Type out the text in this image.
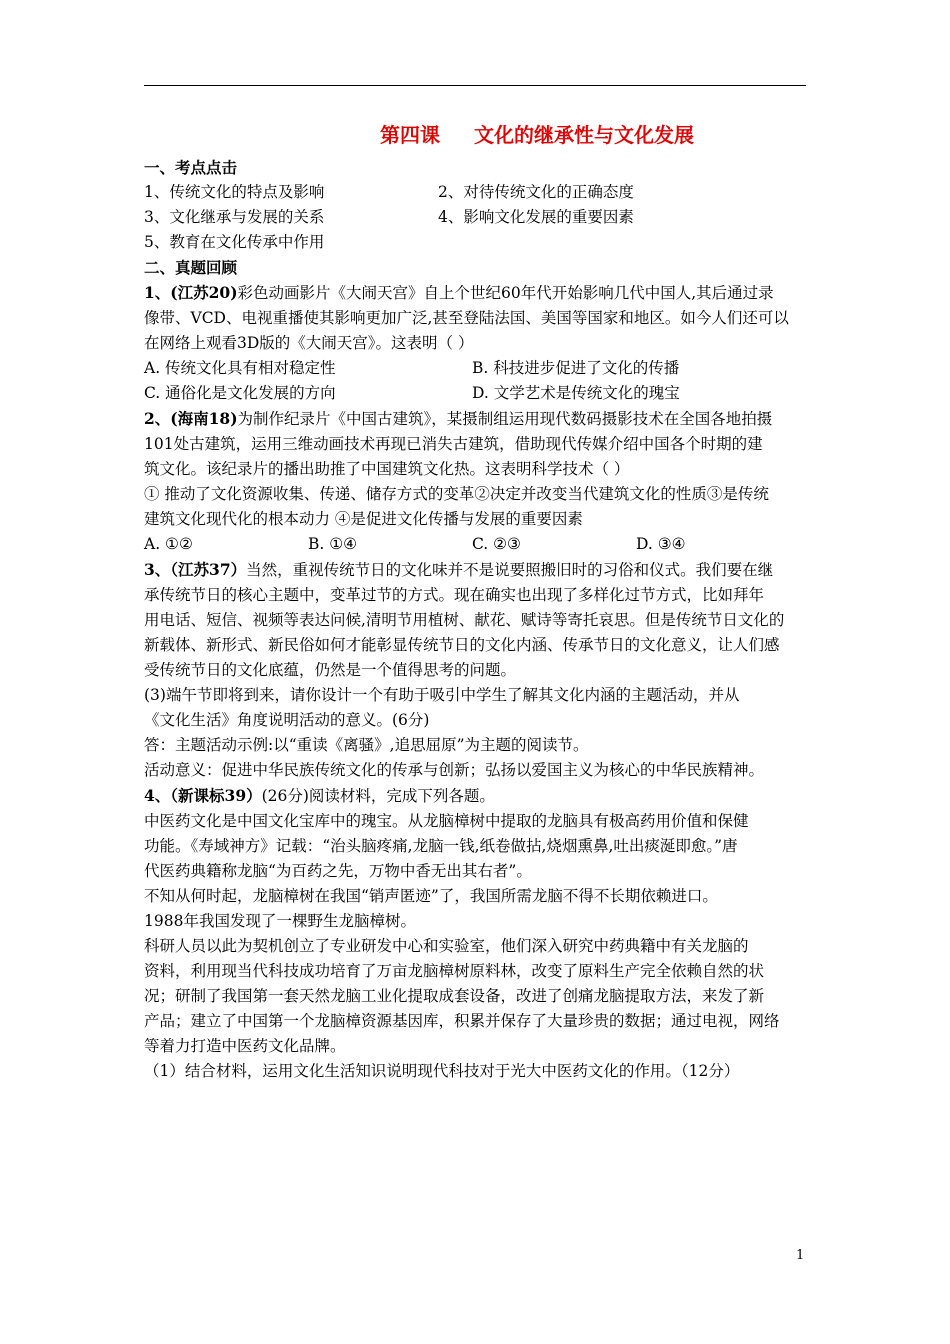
第四课 文化的继承性与文化发展
一、考点点击
1、传统文化的特点及影响	2、对待传统文化的正确态度
3、文化继承与发展的关系	4、影响文化发展的重要因素
5、教育在文化传承中作用
二、真题回顾
1、(江苏20)彩色动画影片《大闹天宫》自上个世纪60年代开始影响几代中国人,其后通过录
像带、VCD、电视重播使其影响更加广泛,甚至登陆法国、美国等国家和地区。如今人们还可以
在网络上观看3D版的《大闹天宫》。这表明（ ）
A. 传统文化具有相对稳定性	B. 科技进步促进了文化的传播
C. 通俗化是文化发展的方向	D. 文学艺术是传统文化的瑰宝
2、(海南18)为制作纪录片《中国古建筑》，某摄制组运用现代数码摄影技术在全国各地拍摄
101处古建筑，运用三维动画技术再现已消失古建筑，借助现代传媒介绍中国各个时期的建
筑文化。该纪录片的播出助推了中国建筑文化热。这表明科学技术（ ）
① 推动了文化资源收集、传递、储存方式的变革②决定并改变当代建筑文化的性质③是传统
建筑文化现代化的根本动力 ④是促进文化传播与发展的重要因素
A. ①②	B. ①④	C. ②③	D. ③④
3、（江苏37）当然，重视传统节日的文化味并不是说要照搬旧时的习俗和仪式。我们要在继
承传统节日的核心主题中，变革过节的方式。现在确实也出现了多样化过节方式，比如拜年
用电话、短信、视频等表达问候,清明节用植树、献花、赋诗等寄托哀思。但是传统节日文化的
新载体、新形式、新民俗如何才能彰显传统节日的文化内涵、传承节日的文化意义，让人们感
受传统节日的文化底蕴，仍然是一个值得思考的问题。
(3)端午节即将到来，请你设计一个有助于吸引中学生了解其文化内涵的主题活动，并从
《文化生活》角度说明活动的意义。(6分)
答：主题活动示例:以“重读《离骚》,追思屈原”为主题的阅读节。
活动意义：促进中华民族传统文化的传承与创新；弘扬以爱国主义为核心的中华民族精神。
4、（新课标39）(26分)阅读材料，完成下列各题。
中医药文化是中国文化宝库中的瑰宝。从龙脑樟树中提取的龙脑具有极高药用价值和保健
功能。《寿域神方》记载：“治头脑疼痛,龙脑一钱,纸卷做拈,烧烟熏鼻,吐出痰涎即愈。”唐
代医药典籍称龙脑“为百药之先，万物中香无出其右者”。
不知从何时起，龙脑樟树在我国“销声匿迹”了，我国所需龙脑不得不长期依赖进口。
1988年我国发现了一棵野生龙脑樟树。
科研人员以此为契机创立了专业研发中心和实验室，他们深入研究中药典籍中有关龙脑的
资料，利用现当代科技成功培育了万亩龙脑樟树原料林，改变了原料生产完全依赖自然的状
况；研制了我国第一套天然龙脑工业化提取成套设备，改进了创痛龙脑提取方法，来发了新
产品；建立了中国第一个龙脑樟资源基因库，积累并保存了大量珍贵的数据；通过电视，网络
等着力打造中医药文化品牌。
（1）结合材料，运用文化生活知识说明现代科技对于光大中医药文化的作用。（12分）
1
